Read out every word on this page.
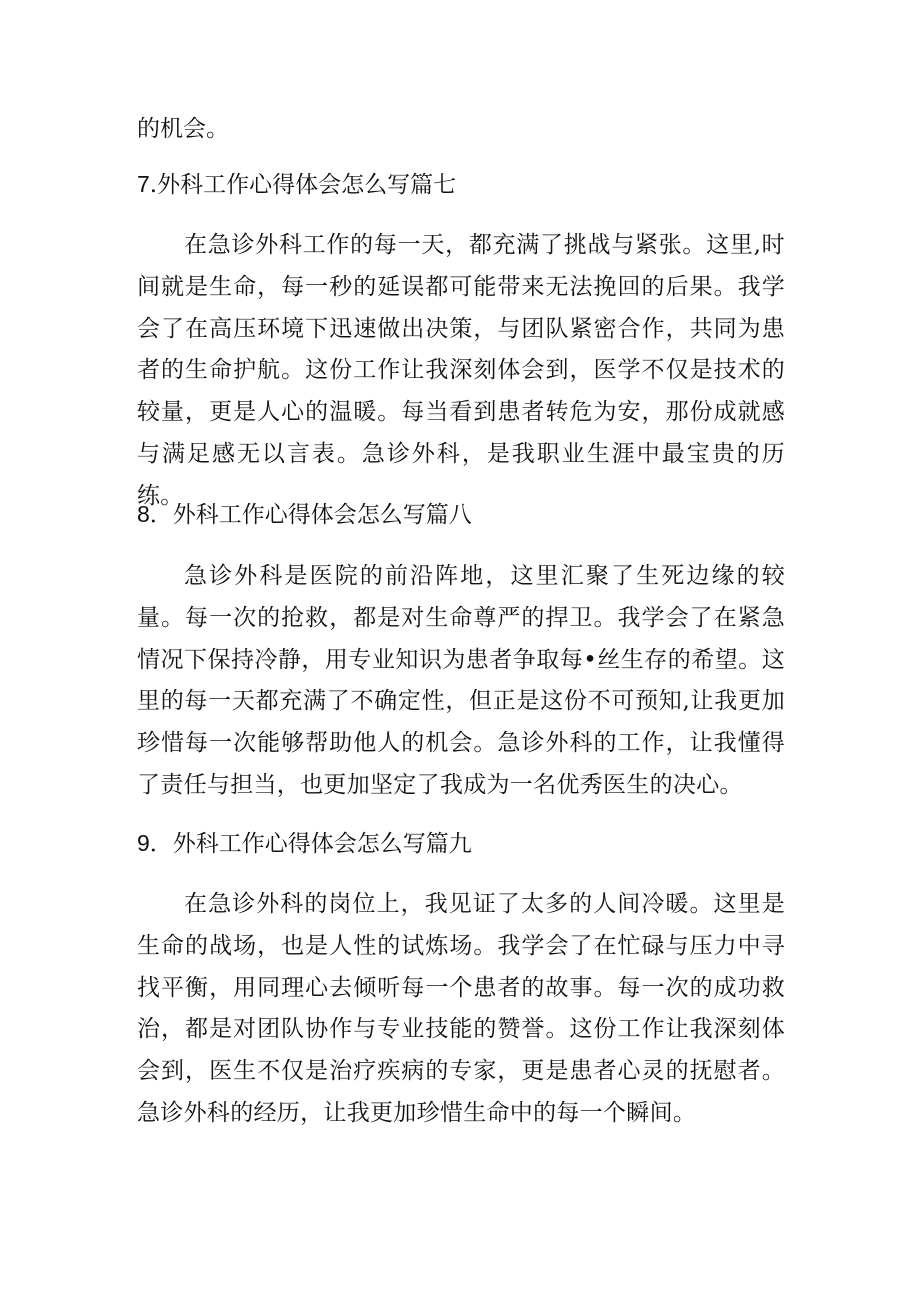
的机会。

7.外科工作心得体会怎么写篇七

在急诊外科工作的每一天，都充满了挑战与紧张。这里,时间就是生命，每一秒的延误都可能带来无法挽回的后果。我学会了在高压环境下迅速做出决策，与团队紧密合作，共同为患者的生命护航。这份工作让我深刻体会到，医学不仅是技术的较量，更是人心的温暖。每当看到患者转危为安，那份成就感与满足感无以言表。急诊外科，是我职业生涯中最宝贵的历练。

8．外科工作心得体会怎么写篇八

急诊外科是医院的前沿阵地，这里汇聚了生死边缘的较量。每一次的抢救，都是对生命尊严的捍卫。我学会了在紧急情况下保持冷静，用专业知识为患者争取每•丝生存的希望。这里的每一天都充满了不确定性，但正是这份不可预知,让我更加珍惜每一次能够帮助他人的机会。急诊外科的工作，让我懂得了责任与担当，也更加坚定了我成为一名优秀医生的决心。

9．外科工作心得体会怎么写篇九

在急诊外科的岗位上，我见证了太多的人间冷暖。这里是生命的战场，也是人性的试炼场。我学会了在忙碌与压力中寻找平衡，用同理心去倾听每一个患者的故事。每一次的成功救治，都是对团队协作与专业技能的赞誉。这份工作让我深刻体会到，医生不仅是治疗疾病的专家，更是患者心灵的抚慰者。急诊外科的经历，让我更加珍惜生命中的每一个瞬间。
